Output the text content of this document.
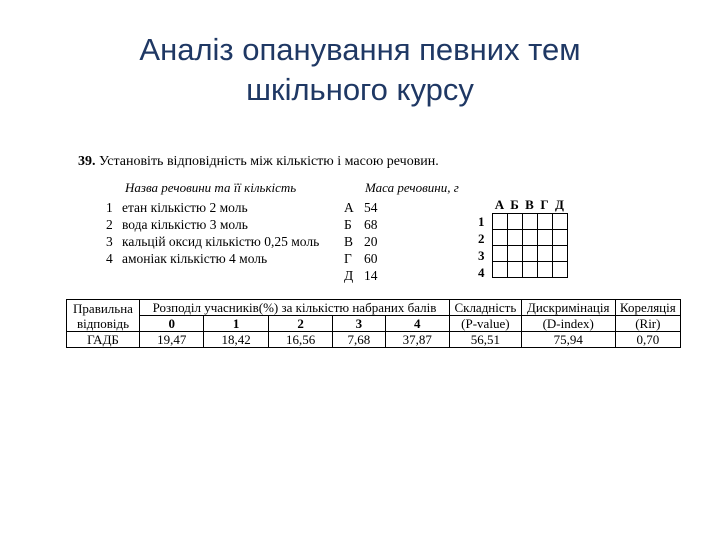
Аналіз опанування певних тем
шкільного курсу
39. Установіть відповідність між кількістю і масою речовин.
Назва речовини та її кількість	Маса речовини, г
1 етан кількістю 2 моль
2 вода кількістю 3 моль
3 кальцій оксид кількістю 0,25 моль
4 амоніак кількістю 4 моль
А 54
Б 68
В 20
Г 60
Д 14
А Б В Г Д
1
2
3
4

Правильна відповідь	Розподіл учасників(%) за кількістю набраних балів					Складність	Дискримінація	Кореляція
	0	1	2	3	4	(P-value)	(D-index)	(Rir)
ГАДБ	19,47	18,42	16,56	7,68	37,87	56,51	75,94	0,70
